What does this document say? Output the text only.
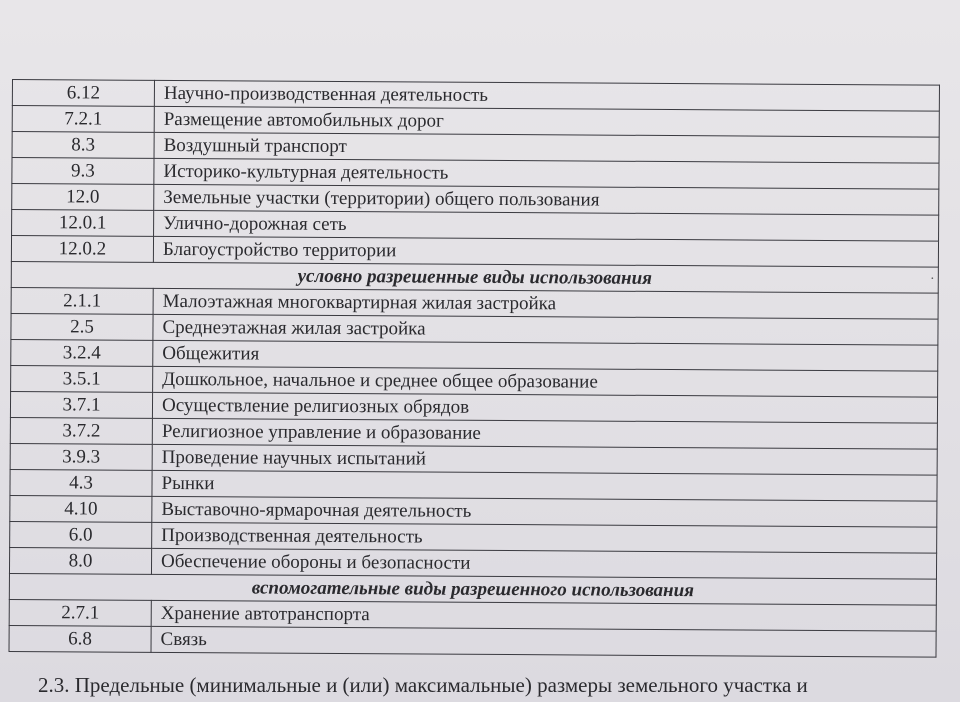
6.12	Научно-производственная деятельность
7.2.1	Размещение автомобильных дорог
8.3	Воздушный транспорт
9.3	Историко-культурная деятельность
12.0	Земельные участки (территории) общего пользования
12.0.1	Улично-дорожная сеть
12.0.2	Благоустройство территории
условно разрешенные виды использования	
2.1.1	Малоэтажная многоквартирная жилая застройка
2.5	Среднеэтажная жилая застройка
3.2.4	Общежития
3.5.1	Дошкольное, начальное и среднее общее образование
3.7.1	Осуществление религиозных обрядов
3.7.2	Религиозное управление и образование
3.9.3	Проведение научных испытаний
4.3	Рынки
4.10	Выставочно-ярмарочная деятельность
6.0	Производственная деятельность
8.0	Обеспечение обороны и безопасности
вспомогательные виды разрешенного использования	
2.7.1	Хранение автотранспорта
6.8	Связь
·
2.3. Предельные (минимальные и (или) максимальные) размеры земельного участка и
